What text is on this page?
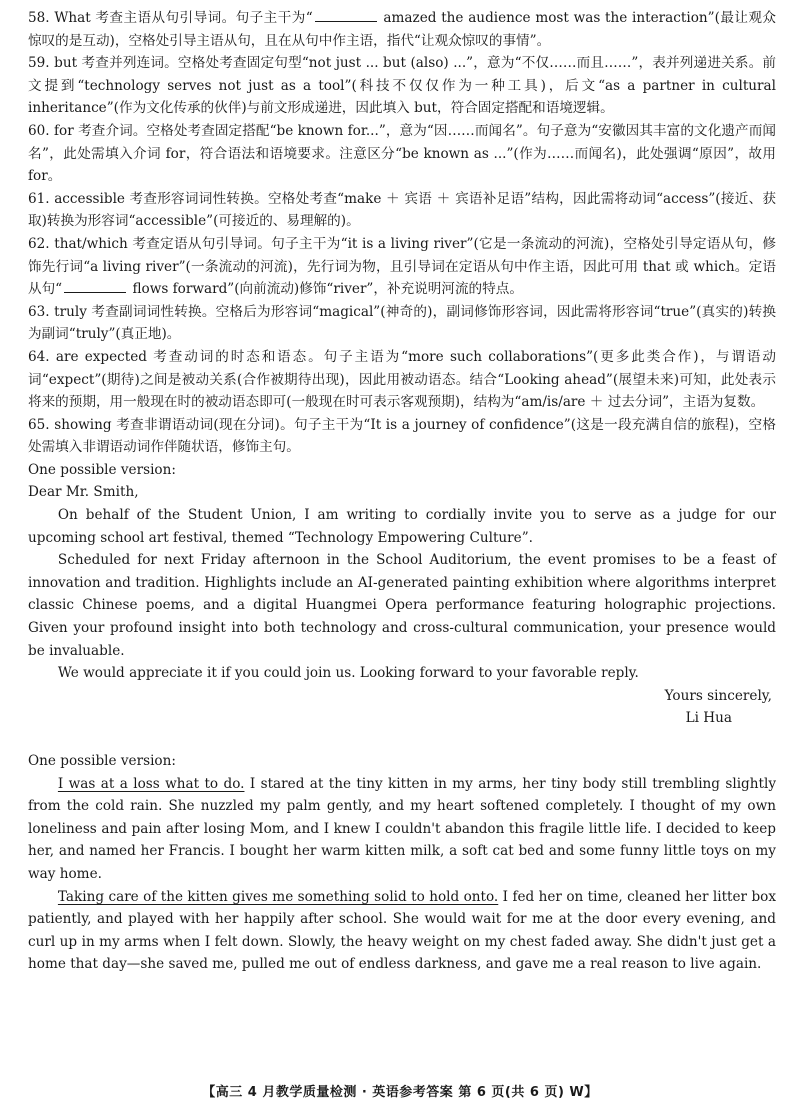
58. What 考查主语从句引导词。句子主干为“	amazed the audience most was the interaction”(最让观众惊叹的是互动)，空格处引导主语从句，且在从句中作主语，指代“让观众惊叹的事情”。

59. but 考查并列连词。空格处考查固定句型“not just ... but (also) ...”，意为“不仅……而且……”，表并列递进关系。前文提到“technology serves not just as a tool”(科技不仅仅作为一种工具)，后文“as a partner in cultural inheritance”(作为文化传承的伙伴)与前文形成递进，因此填入 but，符合固定搭配和语境逻辑。

60. for 考查介词。空格处考查固定搭配“be known for...”，意为“因……而闻名”。句子意为“安徽因其丰富的文化遗产而闻名”，此处需填入介词 for，符合语法和语境要求。注意区分“be known as ...”(作为……而闻名)，此处强调“原因”，故用 for。

61. accessible 考查形容词词性转换。空格处考查“make ＋ 宾语 ＋ 宾语补足语”结构，因此需将动词“access”(接近、获取)转换为形容词“accessible”(可接近的、易理解的)。

62. that/which 考查定语从句引导词。句子主干为“it is a living river”(它是一条流动的河流)，空格处引导定语从句，修饰先行词“a living river”(一条流动的河流)，先行词为物，且引导词在定语从句中作主语，因此可用 that 或 which。定语从句“	flows forward”(向前流动)修饰“river”，补充说明河流的特点。

63. truly 考查副词词性转换。空格后为形容词“magical”(神奇的)，副词修饰形容词，因此需将形容词“true”(真实的)转换为副词“truly”(真正地)。

64. are expected 考查动词的时态和语态。句子主语为“more such collaborations”(更多此类合作)，与谓语动词“expect”(期待)之间是被动关系(合作被期待出现)，因此用被动语态。结合“Looking ahead”(展望未来)可知，此处表示将来的预期，用一般现在时的被动语态即可(一般现在时可表示客观预期)，结构为“am/is/are ＋ 过去分词”，主语为复数。

65. showing 考查非谓语动词(现在分词)。句子主干为“It is a journey of confidence”(这是一段充满自信的旅程)，空格处需填入非谓语动词作伴随状语，修饰主句。

One possible version:

Dear Mr. Smith,

On behalf of the Student Union, I am writing to cordially invite you to serve as a judge for our upcoming school art festival, themed “Technology Empowering Culture”.

Scheduled for next Friday afternoon in the School Auditorium, the event promises to be a feast of innovation and tradition. Highlights include an AI-generated painting exhibition where algorithms interpret classic Chinese poems, and a digital Huangmei Opera performance featuring holographic projections. Given your profound insight into both technology and cross-cultural communication, your presence would be invaluable.

We would appreciate it if you could join us. Looking forward to your favorable reply.

Yours sincerely,

Li Hua

One possible version:

I was at a loss what to do. I stared at the tiny kitten in my arms, her tiny body still trembling slightly from the cold rain. She nuzzled my palm gently, and my heart softened completely. I thought of my own loneliness and pain after losing Mom, and I knew I couldn't abandon this fragile little life. I decided to keep her, and named her Francis. I bought her warm kitten milk, a soft cat bed and some funny little toys on my way home.

Taking care of the kitten gives me something solid to hold onto. I fed her on time, cleaned her litter box patiently, and played with her happily after school. She would wait for me at the door every evening, and curl up in my arms when I felt down. Slowly, the heavy weight on my chest faded away. She didn't just get a home that day—she saved me, pulled me out of endless darkness, and gave me a real reason to live again.

【高三 4 月教学质量检测 · 英语参考答案 第 6 页(共 6 页) W】
